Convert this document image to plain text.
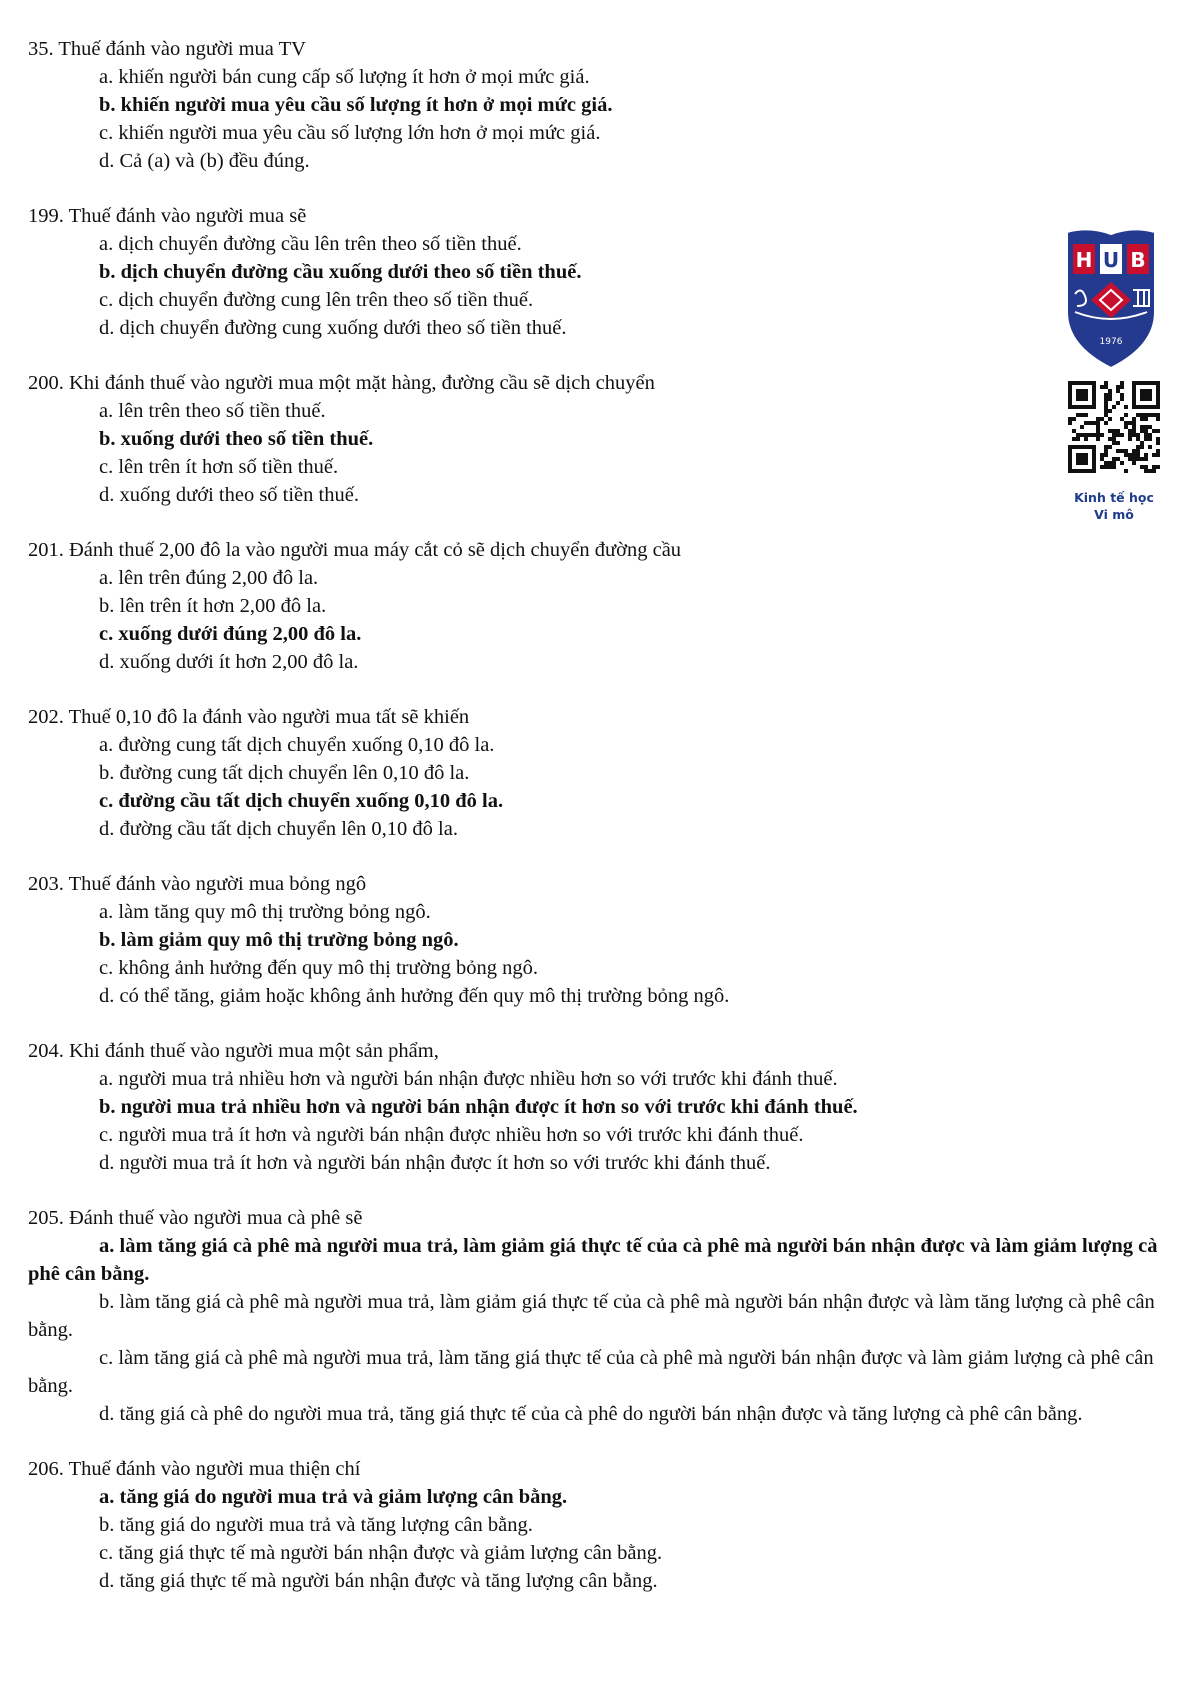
35. Thuế đánh vào người mua TV
a. khiến người bán cung cấp số lượng ít hơn ở mọi mức giá.
b. khiến người mua yêu cầu số lượng ít hơn ở mọi mức giá.
c. khiến người mua yêu cầu số lượng lớn hơn ở mọi mức giá.
d. Cả (a) và (b) đều đúng.
199. Thuế đánh vào người mua sẽ
a. dịch chuyển đường cầu lên trên theo số tiền thuế.
b. dịch chuyển đường cầu xuống dưới theo số tiền thuế.
c. dịch chuyển đường cung lên trên theo số tiền thuế.
d. dịch chuyển đường cung xuống dưới theo số tiền thuế.
200. Khi đánh thuế vào người mua một mặt hàng, đường cầu sẽ dịch chuyển
a. lên trên theo số tiền thuế.
b. xuống dưới theo số tiền thuế.
c. lên trên ít hơn số tiền thuế.
d. xuống dưới theo số tiền thuế.
201. Đánh thuế 2,00 đô la vào người mua máy cắt cỏ sẽ dịch chuyển đường cầu
a. lên trên đúng 2,00 đô la.
b. lên trên ít hơn 2,00 đô la.
c. xuống dưới đúng 2,00 đô la.
d. xuống dưới ít hơn 2,00 đô la.
202. Thuế 0,10 đô la đánh vào người mua tất sẽ khiến
a. đường cung tất dịch chuyển xuống 0,10 đô la.
b. đường cung tất dịch chuyển lên 0,10 đô la.
c. đường cầu tất dịch chuyển xuống 0,10 đô la.
d. đường cầu tất dịch chuyển lên 0,10 đô la.
203. Thuế đánh vào người mua bỏng ngô
a. làm tăng quy mô thị trường bỏng ngô.
b. làm giảm quy mô thị trường bỏng ngô.
c. không ảnh hưởng đến quy mô thị trường bỏng ngô.
d. có thể tăng, giảm hoặc không ảnh hưởng đến quy mô thị trường bỏng ngô.
204. Khi đánh thuế vào người mua một sản phẩm,
a. người mua trả nhiều hơn và người bán nhận được nhiều hơn so với trước khi đánh thuế.
b. người mua trả nhiều hơn và người bán nhận được ít hơn so với trước khi đánh thuế.
c. người mua trả ít hơn và người bán nhận được nhiều hơn so với trước khi đánh thuế.
d. người mua trả ít hơn và người bán nhận được ít hơn so với trước khi đánh thuế.
205. Đánh thuế vào người mua cà phê sẽ
a. làm tăng giá cà phê mà người mua trả, làm giảm giá thực tế của cà phê mà người bán nhận được và làm giảm lượng cà phê cân bằng.
b. làm tăng giá cà phê mà người mua trả, làm giảm giá thực tế của cà phê mà người bán nhận được và làm tăng lượng cà phê cân bằng.
c. làm tăng giá cà phê mà người mua trả, làm tăng giá thực tế của cà phê mà người bán nhận được và làm giảm lượng cà phê cân bằng.
d. tăng giá cà phê do người mua trả, tăng giá thực tế của cà phê do người bán nhận được và tăng lượng cà phê cân bằng.
206. Thuế đánh vào người mua thiện chí
a. tăng giá do người mua trả và giảm lượng cân bằng.
b. tăng giá do người mua trả và tăng lượng cân bằng.
c. tăng giá thực tế mà người bán nhận được và giảm lượng cân bằng.
d. tăng giá thực tế mà người bán nhận được và tăng lượng cân bằng.
H U B
1976
Kinh tế học
Vi mô
